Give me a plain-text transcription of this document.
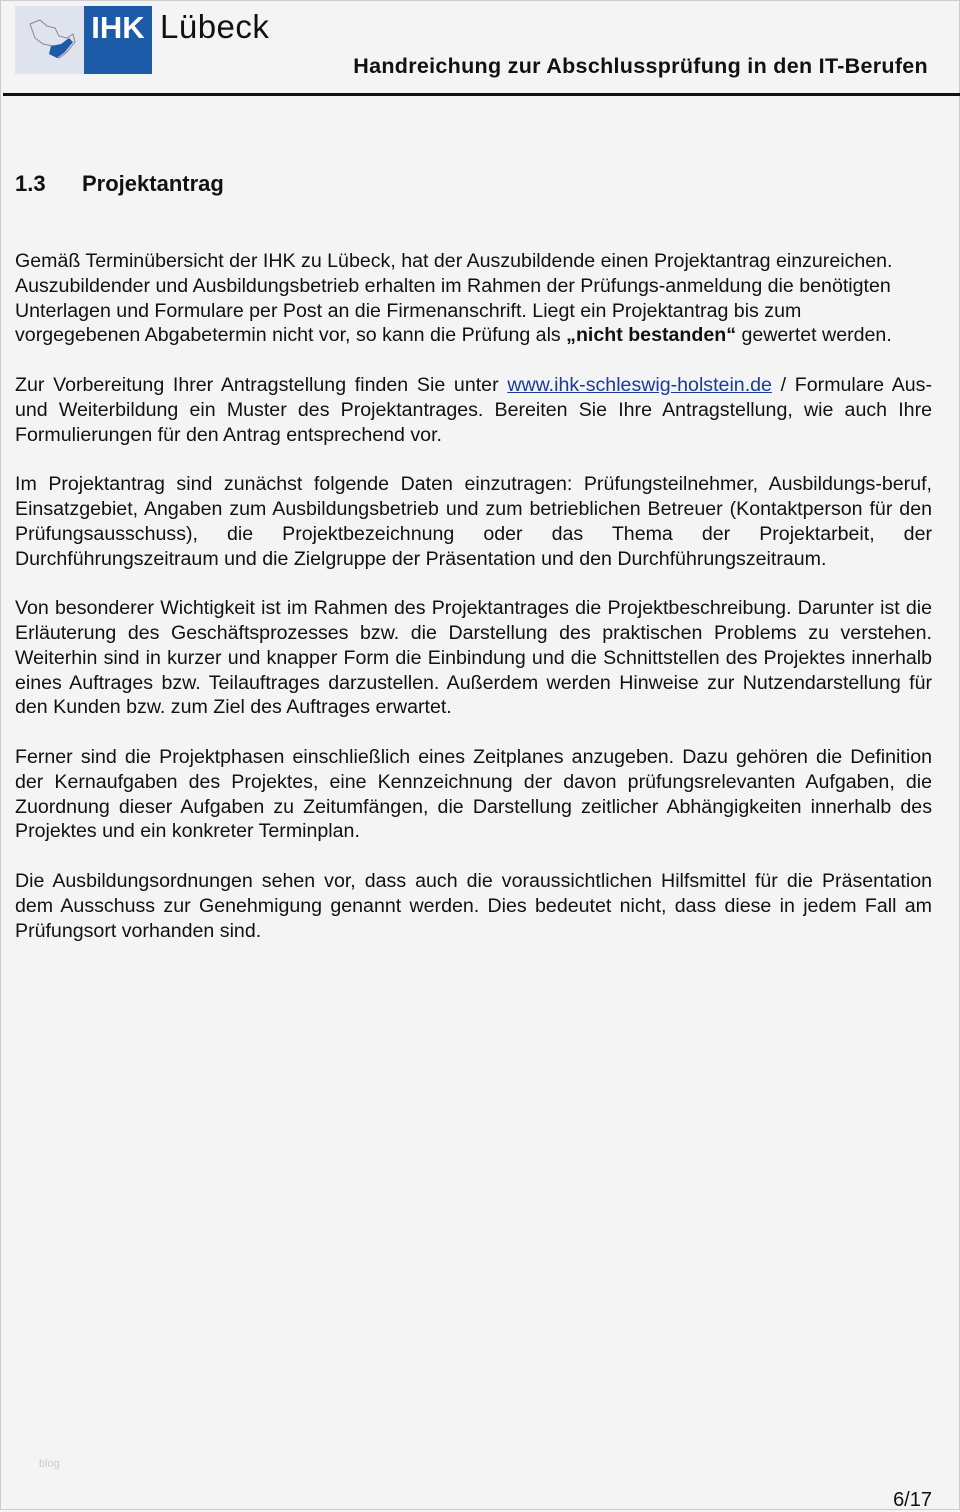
IHK Lübeck
Handreichung zur Abschlussprüfung in den IT-Berufen
1.3 Projektantrag

Gemäß Terminübersicht der IHK zu Lübeck, hat der Auszubildende einen Projektantrag einzureichen. Auszubildender und Ausbildungsbetrieb erhalten im Rahmen der Prüfungs-anmeldung die benötigten Unterlagen und Formulare per Post an die Firmenanschrift. Liegt ein Projektantrag bis zum vorgegebenen Abgabetermin nicht vor, so kann die Prüfung als „nicht bestanden“ gewertet werden.

Zur Vorbereitung Ihrer Antragstellung finden Sie unter www.ihk-schleswig-holstein.de / Formulare Aus- und Weiterbildung ein Muster des Projektantrages. Bereiten Sie Ihre Antragstellung, wie auch Ihre Formulierungen für den Antrag entsprechend vor.

Im Projektantrag sind zunächst folgende Daten einzutragen: Prüfungsteilnehmer, Ausbildungs-beruf, Einsatzgebiet, Angaben zum Ausbildungsbetrieb und zum betrieblichen Betreuer (Kontaktperson für den Prüfungsausschuss), die Projektbezeichnung oder das Thema der Projektarbeit, der Durchführungszeitraum und die Zielgruppe der Präsentation und den Durchführungszeitraum.

Von besonderer Wichtigkeit ist im Rahmen des Projektantrages die Projektbeschreibung. Darunter ist die Erläuterung des Geschäftsprozesses bzw. die Darstellung des praktischen Problems zu verstehen. Weiterhin sind in kurzer und knapper Form die Einbindung und die Schnittstellen des Projektes innerhalb eines Auftrages bzw. Teilauftrages darzustellen. Außerdem werden Hinweise zur Nutzendarstellung für den Kunden bzw. zum Ziel des Auftrages erwartet.

Ferner sind die Projektphasen einschließlich eines Zeitplanes anzugeben. Dazu gehören die Definition der Kernaufgaben des Projektes, eine Kennzeichnung der davon prüfungsrelevanten Aufgaben, die Zuordnung dieser Aufgaben zu Zeitumfängen, die Darstellung zeitlicher Abhängigkeiten innerhalb des Projektes und ein konkreter Terminplan.

Die Ausbildungsordnungen sehen vor, dass auch die voraussichtlichen Hilfsmittel für die Präsentation dem Ausschuss zur Genehmigung genannt werden. Dies bedeutet nicht, dass diese in jedem Fall am Prüfungsort vorhanden sind.

blog
6/17
